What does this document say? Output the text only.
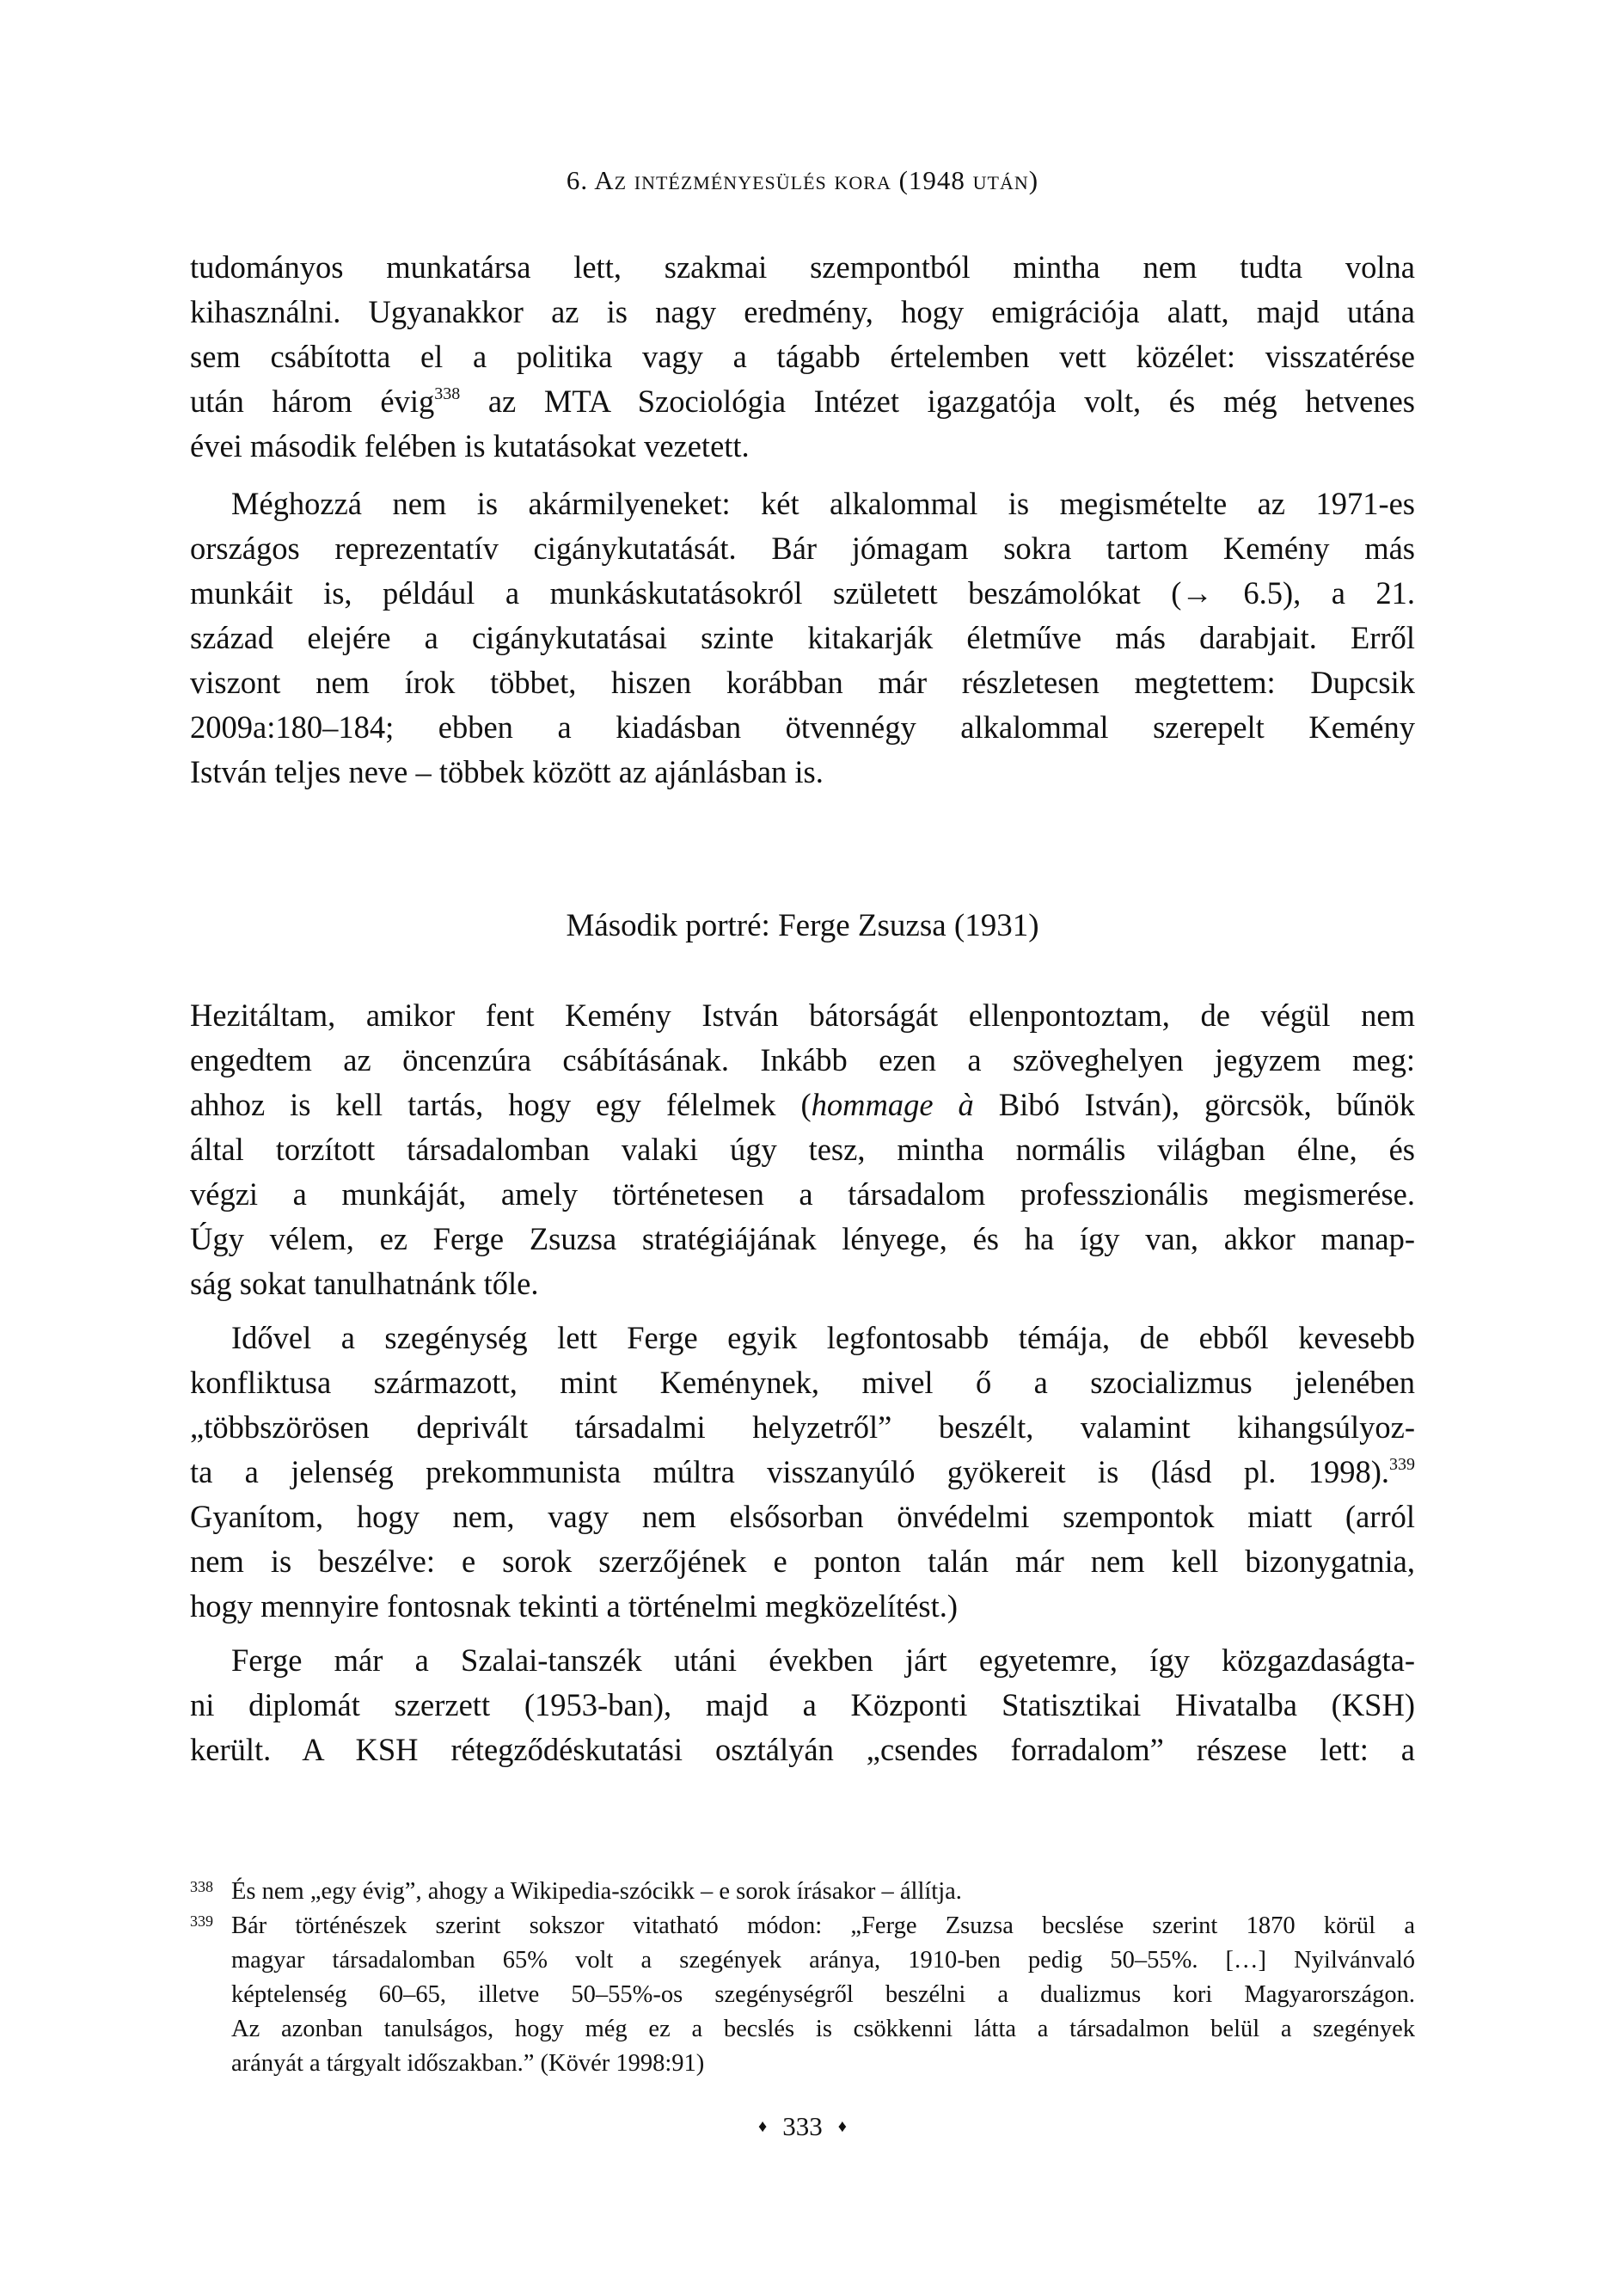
6. Az intézményesülés kora (1948 után)
tudományos munkatársa lett, szakmai szempontból mintha nem tudta volna
kihasználni. Ugyanakkor az is nagy eredmény, hogy emigrációja alatt, majd utána
sem csábította el a politika vagy a tágabb értelemben vett közélet: visszatérése
után három évig$^{338}$ az MTA Szociológia Intézet igazgatója volt, és még hetvenes
évei második felében is kutatásokat vezetett.
Méghozzá nem is akármilyeneket: két alkalommal is megismételte az 1971-es
országos reprezentatív cigánykutatását. Bár jómagam sokra tartom Kemény más
munkáit is, például a munkáskutatásokról született beszámolókat (→ 6.5), a 21.
század elejére a cigánykutatásai szinte kitakarják életműve más darabjait. Erről
viszont nem írok többet, hiszen korábban már részletesen megtettem: Dupcsik
2009a:180–184; ebben a kiadásban ötvennégy alkalommal szerepelt Kemény
István teljes neve – többek között az ajánlásban is.
Második portré: Ferge Zsuzsa (1931)
Hezitáltam, amikor fent Kemény István bátorságát ellenpontoztam, de végül nem
engedtem az öncenzúra csábításának. Inkább ezen a szöveghelyen jegyzem meg:
ahhoz is kell tartás, hogy egy félelmek (hommage à Bibó István), görcsök, bűnök
által torzított társadalomban valaki úgy tesz, mintha normális világban élne, és
végzi a munkáját, amely történetesen a társadalom professzionális megismerése.
Úgy vélem, ez Ferge Zsuzsa stratégiájának lényege, és ha így van, akkor manap-
ság sokat tanulhatnánk tőle.
Idővel a szegénység lett Ferge egyik legfontosabb témája, de ebből kevesebb
konfliktusa származott, mint Keménynek, mivel ő a szocializmus jelenében
„többszörösen deprivált társadalmi helyzetről” beszélt, valamint kihangsúlyoz-
ta a jelenség prekommunista múltra visszanyúló gyökereit is (lásd pl. 1998).$^{339}$
Gyanítom, hogy nem, vagy nem elsősorban önvédelmi szempontok miatt (arról
nem is beszélve: e sorok szerzőjének e ponton talán már nem kell bizonygatnia,
hogy mennyire fontosnak tekinti a történelmi megközelítést.)
Ferge már a Szalai-tanszék utáni években járt egyetemre, így közgazdaságta-
ni diplomát szerzett (1953-ban), majd a Központi Statisztikai Hivatalba (KSH)
került. A KSH rétegződéskutatási osztályán „csendes forradalom” részese lett: a
338 És nem „egy évig”, ahogy a Wikipedia-szócikk – e sorok írásakor – állítja.
339 Bár történészek szerint sokszor vitatható módon: „Ferge Zsuzsa becslése szerint 1870 körül a
magyar társadalomban 65% volt a szegények aránya, 1910-ben pedig 50–55%. […] Nyilvánvaló
képtelenség 60–65, illetve 50–55%-os szegénységről beszélni a dualizmus kori Magyarországon.
Az azonban tanulságos, hogy még ez a becslés is csökkenni látta a társadalmon belül a szegények
arányát a tárgyalt időszakban.” (Kövér 1998:91)
♦ 333 ♦
